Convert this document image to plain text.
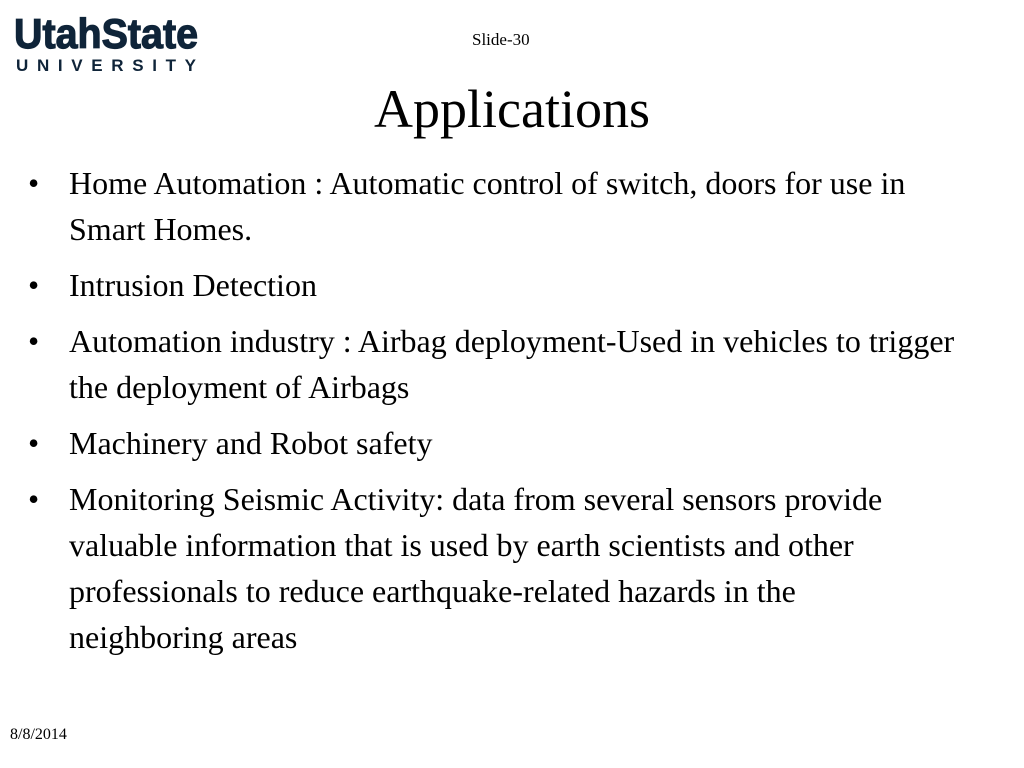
UtahState
UNIVERSITY
Slide-30
Applications
• Home Automation : Automatic control of switch, doors for use in Smart Homes.
• Intrusion Detection
• Automation industry : Airbag deployment-Used in vehicles to trigger the deployment of Airbags
• Machinery and Robot safety
• Monitoring Seismic Activity: data from several sensors provide valuable information that is used by earth scientists and other professionals to reduce earthquake-related hazards in the neighboring areas
8/8/2014
